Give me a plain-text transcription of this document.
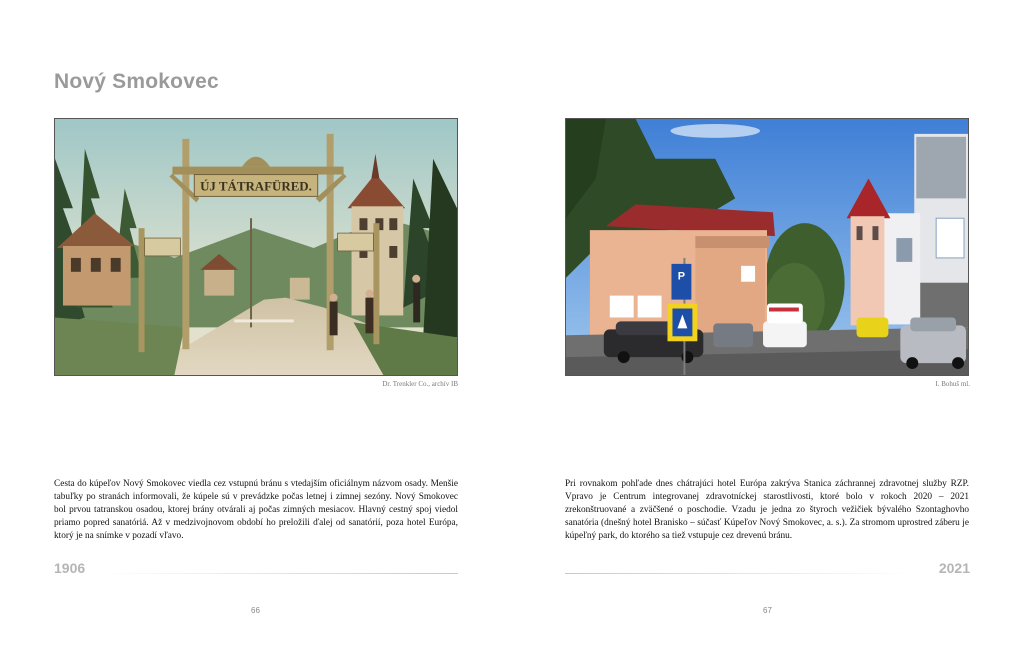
Nový Smokovec
ÚJ TÁTRAFÜRED.
Dr. Trenkler Co., archív IB

Cesta do kúpeľov Nový Smokovec viedla cez vstupnú bránu s vtedajším oficiálnym názvom osady. Menšie tabuľky po stranách informovali, že kúpele sú v prevádzke počas letnej i zimnej sezóny. Nový Smokovec bol prvou tatranskou osadou, ktorej brány otvárali aj počas zimných mesiacov. Hlavný cestný spoj viedol priamo popred sanatóriá. Až v medzivojnovom období ho preložili ďalej od sanatórií, poza hotel Európa, ktorý je na snímke v pozadí vľavo.

1906
66
P
I. Bohuš ml.

Pri rovnakom pohľade dnes chátrajúci hotel Európa zakrýva Stanica záchrannej zdravotnej služby RZP. Vpravo je Centrum integrovanej zdravotníckej starostlivosti, ktoré bolo v rokoch 2020 – 2021 zrekonštruované a zväčšené o poschodie. Vzadu je jedna zo štyroch vežičiek bývalého Szontaghovho sanatória (dnešný hotel Branisko – súčasť Kúpeľov Nový Smokovec, a. s.). Za stromom uprostred záberu je kúpeľný park, do ktorého sa tiež vstupuje cez drevenú bránu.

2021
67
